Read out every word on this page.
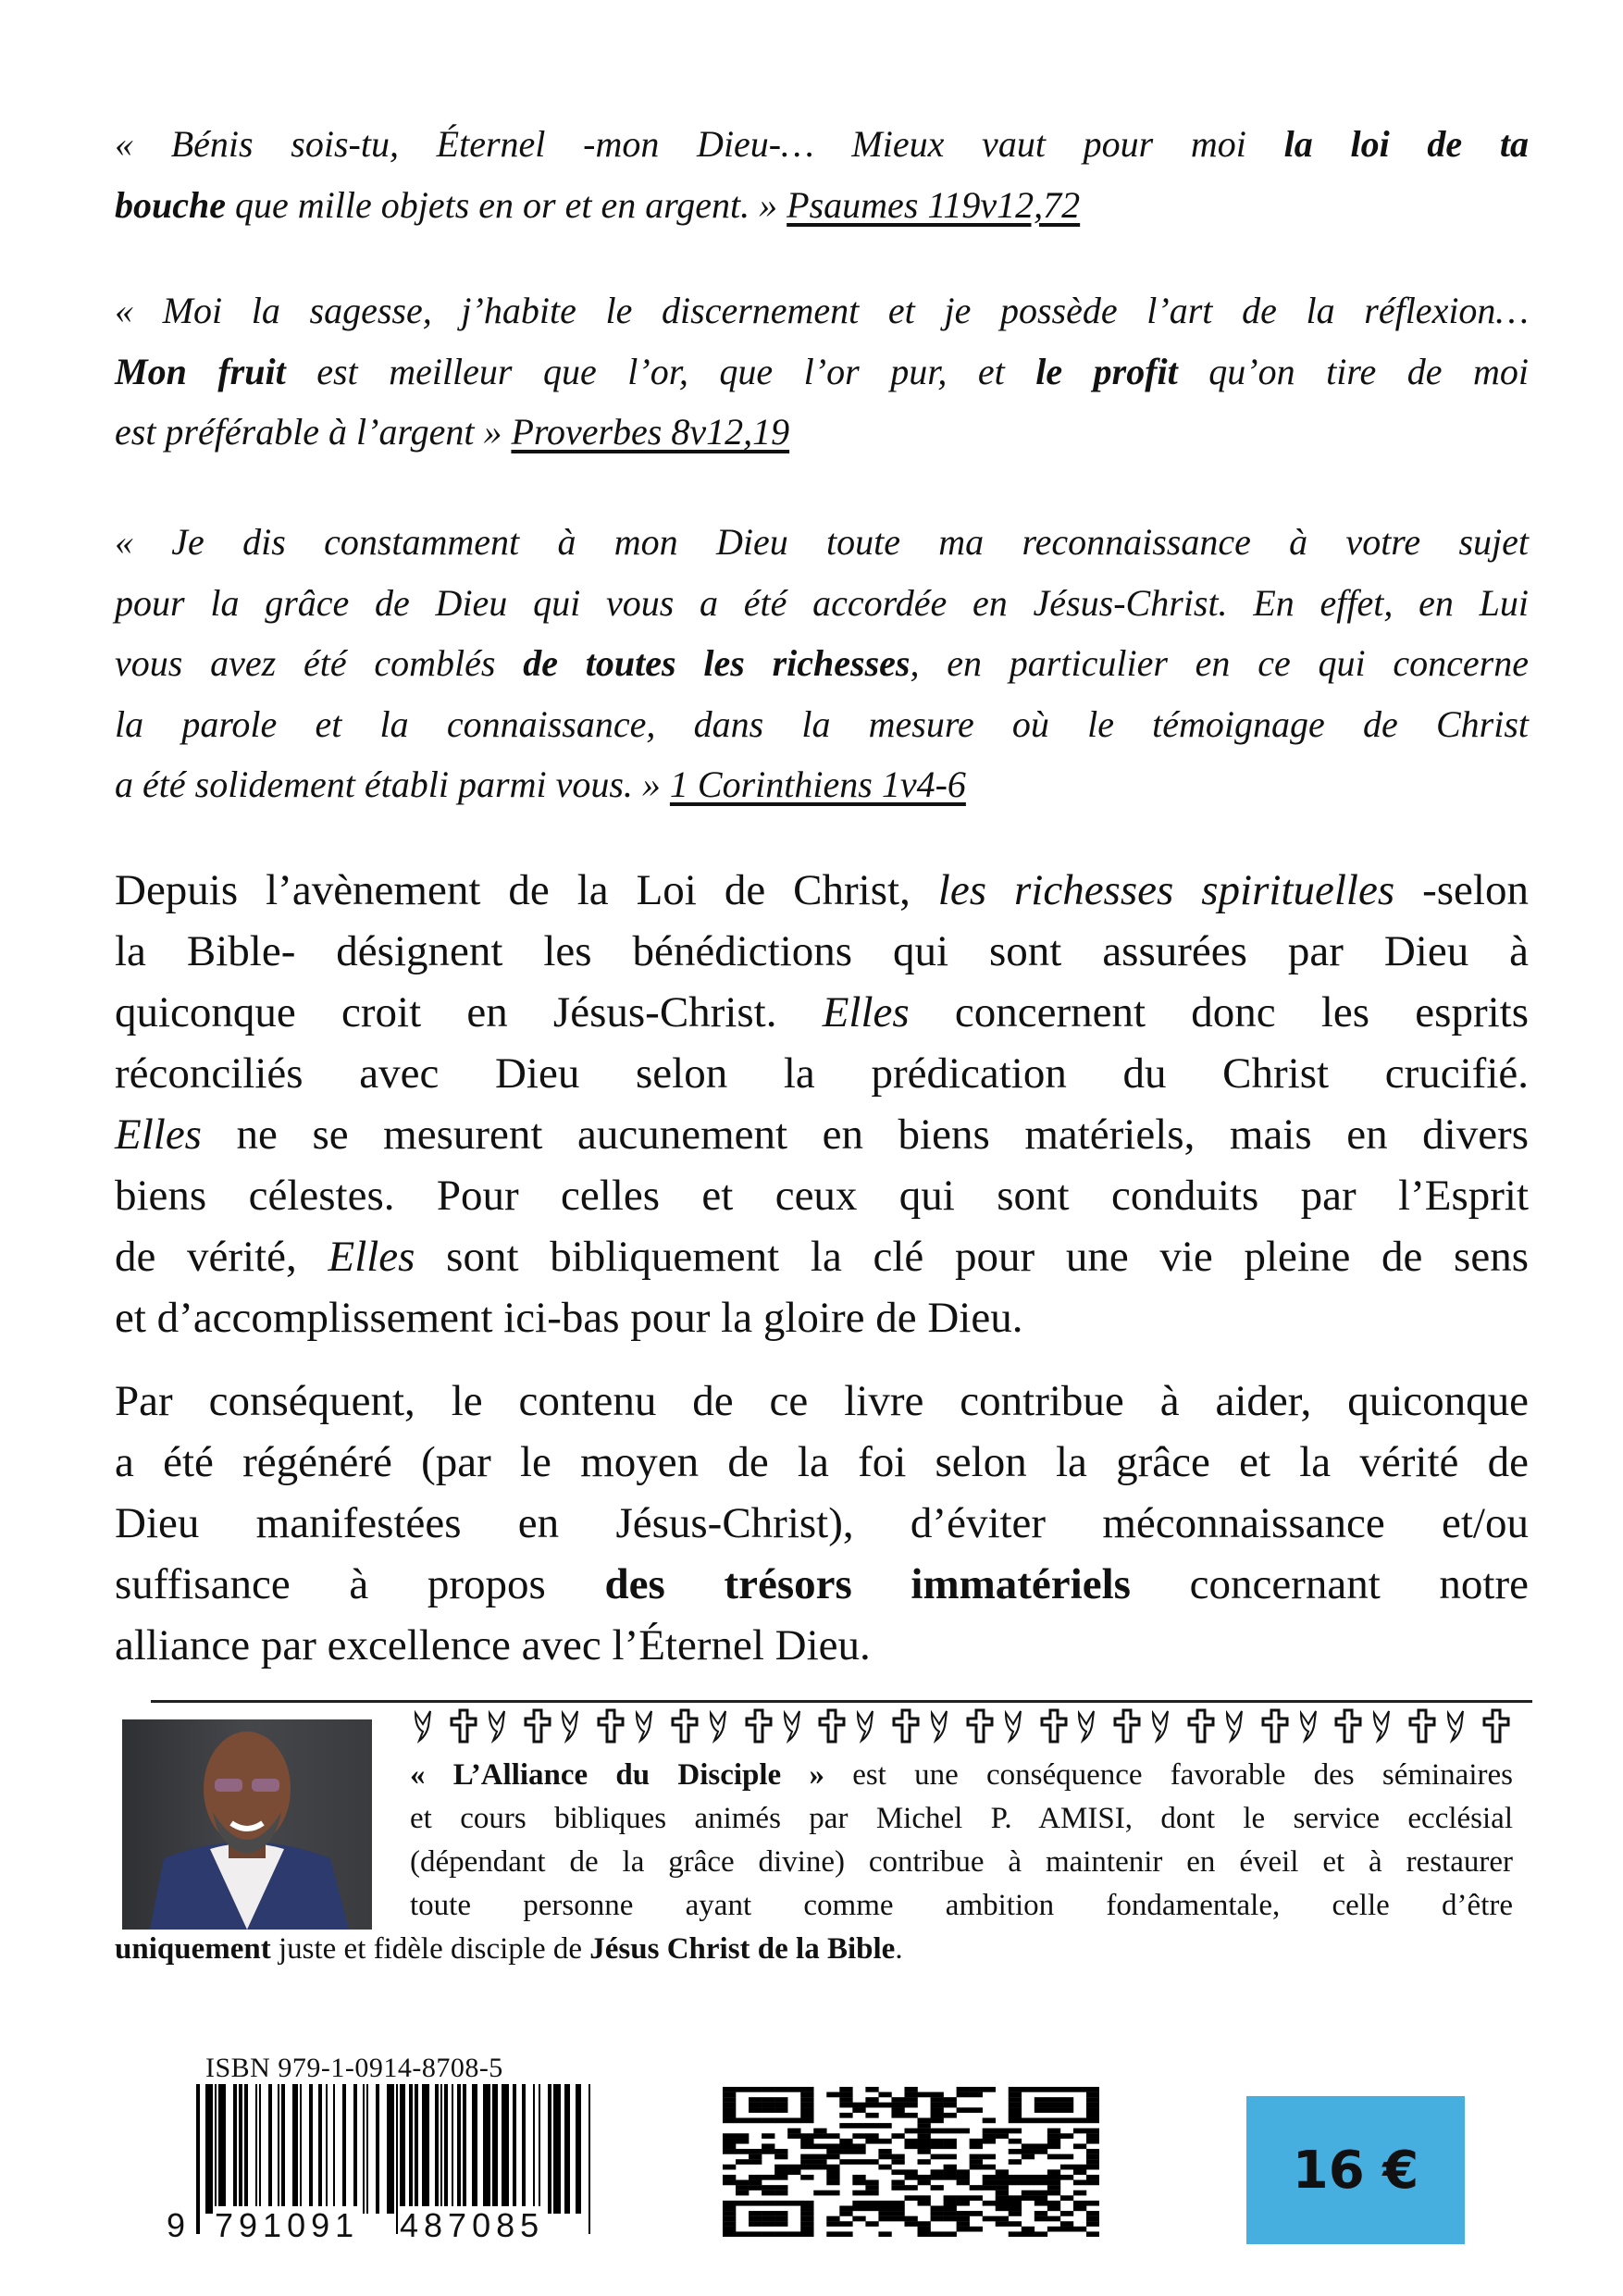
« Bénis sois-tu, Éternel -mon Dieu-… Mieux vaut pour moi la loi de ta
bouche que mille objets en or et en argent. » Psaumes 119v12,72
« Moi la sagesse, j’habite le discernement et je possède l’art de la réflexion…
Mon fruit est meilleur que l’or, que l’or pur, et le profit qu’on tire de moi
est préférable à l’argent » Proverbes 8v12,19
« Je dis constamment à mon Dieu toute ma reconnaissance à votre sujet
pour la grâce de Dieu qui vous a été accordée en Jésus-Christ. En effet, en Lui
vous avez été comblés de toutes les richesses, en particulier en ce qui concerne
la parole et la connaissance, dans la mesure où le témoignage de Christ
a été solidement établi parmi vous. » 1 Corinthiens 1v4-6
Depuis l’avènement de la Loi de Christ, les richesses spirituelles -selon
la Bible- désignent les bénédictions qui sont assurées par Dieu à
quiconque croit en Jésus-Christ. Elles concernent donc les esprits
réconciliés avec Dieu selon la prédication du Christ crucifié.
Elles ne se mesurent aucunement en biens matériels, mais en divers
biens célestes. Pour celles et ceux qui sont conduits par l’Esprit
de vérité, Elles sont bibliquement la clé pour une vie pleine de sens
et d’accomplissement ici-bas pour la gloire de Dieu.
Par conséquent, le contenu de ce livre contribue à aider, quiconque
a été régénéré (par le moyen de la foi selon la grâce et la vérité de
Dieu manifestées en Jésus-Christ), d’éviter méconnaissance et/ou
suffisance à propos des trésors immatériels concernant notre
alliance par excellence avec l’Éternel Dieu.
« L’Alliance du Disciple » est une conséquence favorable des séminaires
et cours bibliques animés par Michel P. AMISI, dont le service ecclésial
(dépendant de la grâce divine) contribue à maintenir en éveil et à restaurer
toute personne ayant comme ambition fondamentale, celle d’être
uniquement juste et fidèle disciple de Jésus Christ de la Bible.
ISBN 979-1-0914-8708-5
9 791091 487085
16 €
